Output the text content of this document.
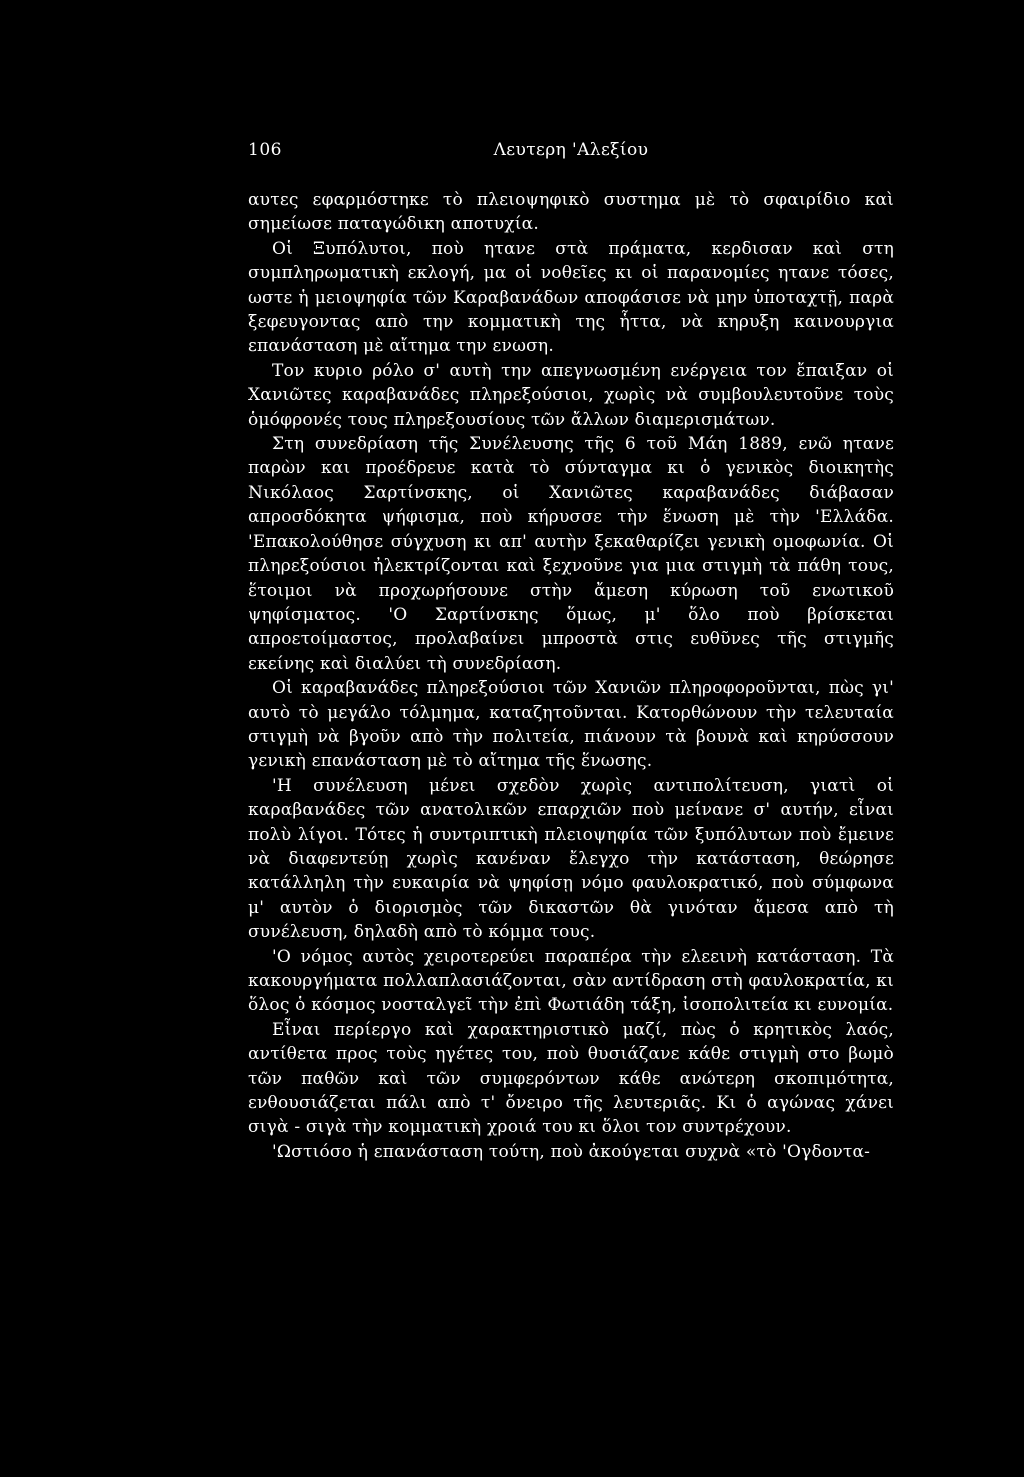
106	Λευτερη 'Αλεξίου

αυτες εφαρμόστηκε τὸ πλειοψηφικὸ συστημα μὲ τὸ σφαιρίδιο καὶ σημείωσε παταγώδικη αποτυχία.

Οἱ Ξυπόλυτοι, ποὺ ητανε στὰ πράματα, κερδισαν καὶ στη συμπληρωματικὴ εκλογή, μα οἱ νοθεῖες κι οἱ παρανομίες ητανε τόσες, ωστε ἡ μειοψηφία τῶν Καραβανάδων αποφάσισε νὰ μην ὑποταχτῇ, παρὰ ξεφευγοντας απὸ την κομματικὴ της ἧττα, νὰ κηρυξη καινουργια επανάσταση μὲ αἴτημα την ενωση.

Τον κυριο ρόλο σ' αυτὴ την απεγνωσμένη ενέργεια τον ἔπαιξαν οἱ Χανιῶτες καραβανάδες πληρεξούσιοι, χωρὶς νὰ συμβουλευτοῦνε τοὺς ὁμόφρονές τους πληρεξουσίους τῶν ἄλλων διαμερισμάτων.

Στη συνεδρίαση τῆς Συνέλευσης τῆς 6 τοῦ Μάη 1889, ενῶ ητανε παρὼν και προέδρευε κατὰ τὸ σύνταγμα κι ὁ γενικὸς διοικητὴς Νικόλαος Σαρτίνσκης, οἱ Χανιῶτες καραβανάδες διάβασαν απροσδόκητα ψήφισμα, ποὺ κήρυσσε τὴν ἕνωση μὲ τὴν 'Ελλάδα. 'Επακολούθησε σύγχυση κι απ' αυτὴν ξεκαθαρίζει γενικὴ ομοφωνία. Οἱ πληρεξούσιοι ἠλεκτρίζονται καὶ ξεχνοῦνε για μια στιγμὴ τὰ πάθη τους, ἕτοιμοι νὰ προχωρήσουνε στὴν ἄμεση κύρωση τοῦ ενωτικοῦ ψηφίσματος. 'Ο Σαρτίνσκης ὅμως, μ' ὅλο ποὺ βρίσκεται απροετοίμαστος, προλαβαίνει μπροστὰ στις ευθῦνες τῆς στιγμῆς εκείνης καὶ διαλύει τὴ συνεδρίαση.

Οἱ καραβανάδες πληρεξούσιοι τῶν Χανιῶν πληροφοροῦνται, πὼς γι' αυτὸ τὸ μεγάλο τόλμημα, καταζητοῦνται. Κατορθώνουν τὴν τελευταία στιγμὴ νὰ βγοῦν απὸ τὴν πολιτεία, πιάνουν τὰ βουνὰ καὶ κηρύσσουν γενικὴ επανάσταση μὲ τὸ αἴτημα τῆς ἕνωσης.

'Η συνέλευση μένει σχεδὸν χωρὶς αντιπολίτευση, γιατὶ οἱ καραβανάδες τῶν ανατολικῶν επαρχιῶν ποὺ μείνανε σ' αυτήν, εἶναι πολὺ λίγοι. Τότες ἡ συντριπτικὴ πλειοψηφία τῶν ξυπόλυτων ποὺ ἔμεινε νὰ διαφεντεύῃ χωρὶς κανέναν ἔλεγχο τὴν κατάσταση, θεώρησε κατάλληλη τὴν ευκαιρία νὰ ψηφίσῃ νόμο φαυλοκρατικό, ποὺ σύμφωνα μ' αυτὸν ὁ διορισμὸς τῶν δικαστῶν θὰ γινόταν ἄμεσα απὸ τὴ συνέλευση, δηλαδὴ απὸ τὸ κόμμα τους.

'Ο νόμος αυτὸς χειροτερεύει παραπέρα τὴν ελεεινὴ κατάσταση. Τὰ κακουργήματα πολλαπλασιάζονται, σὰν αντίδραση στὴ φαυλοκρατία, κι ὅλος ὁ κόσμος νοσταλγεῖ τὴν ἐπὶ Φωτιάδη τάξη, ἰσοπολιτεία κι ευνομία.

Εἶναι περίεργο καὶ χαρακτηριστικὸ μαζί, πὼς ὁ κρητικὸς λαός, αντίθετα προς τοὺς ηγέτες του, ποὺ θυσιάζανε κάθε στιγμὴ στο βωμὸ τῶν παθῶν καὶ τῶν συμφερόντων κάθε ανώτερη σκοπιμότητα, ενθουσιάζεται πάλι απὸ τ' ὄνειρο τῆς λευτεριᾶς. Κι ὁ αγώνας χάνει σιγὰ - σιγὰ τὴν κομματικὴ χροιά του κι ὅλοι τον συντρέχουν.

'Ωστιόσο ἡ επανάσταση τούτη, ποὺ ἀκούγεται συχνὰ «τὸ 'Ογδοντα-
